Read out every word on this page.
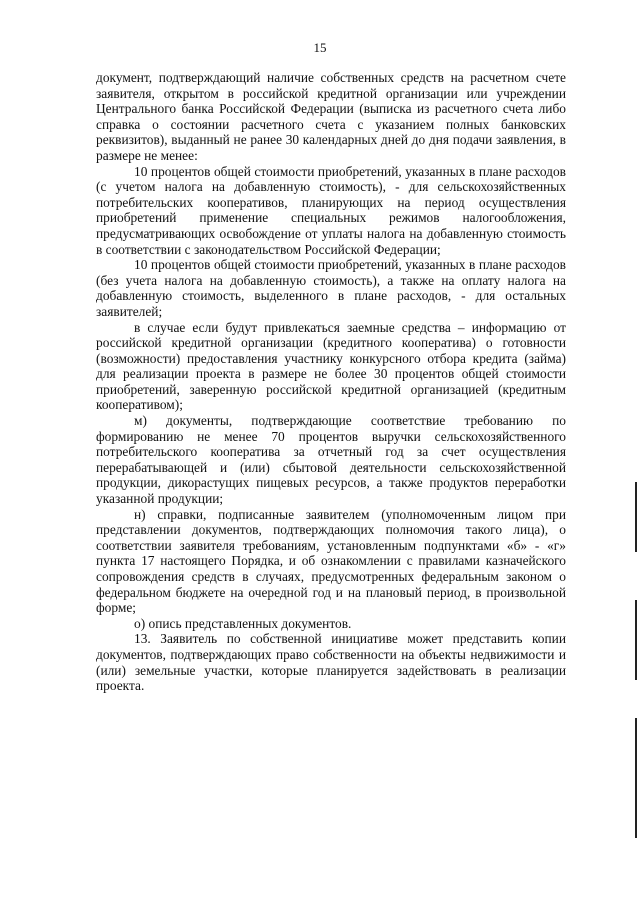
15

документ, подтверждающий наличие собственных средств на расчетном счете заявителя, открытом в российской кредитной организации или учреждении Центрального банка Российской Федерации (выписка из расчетного счета либо справка о состоянии расчетного счета с указанием полных банковских реквизитов), выданный не ранее 30 календарных дней до дня подачи заявления, в размере не менее:

10 процентов общей стоимости приобретений, указанных в плане расходов (с учетом налога на добавленную стоимость), - для сельскохозяйственных потребительских кооперативов, планирующих на период осуществления приобретений применение специальных режимов налогообложения, предусматривающих освобождение от уплаты налога на добавленную стоимость в соответствии с законодательством Российской Федерации;

10 процентов общей стоимости приобретений, указанных в плане расходов (без учета налога на добавленную стоимость), а также на оплату налога на добавленную стоимость, выделенного в плане расходов, - для остальных заявителей;

в случае если будут привлекаться заемные средства – информацию от российской кредитной организации (кредитного кооператива) о готовности (возможности) предоставления участнику конкурсного отбора кредита (займа) для реализации проекта в размере не более 30 процентов общей стоимости приобретений, заверенную российской кредитной организацией (кредитным кооперативом);

м) документы, подтверждающие соответствие требованию по формированию не менее 70 процентов выручки сельскохозяйственного потребительского кооператива за отчетный год за счет осуществления перерабатывающей и (или) сбытовой деятельности сельскохозяйственной продукции, дикорастущих пищевых ресурсов, а также продуктов переработки указанной продукции;

н) справки, подписанные заявителем (уполномоченным лицом при представлении документов, подтверждающих полномочия такого лица), о соответствии заявителя требованиям, установленным подпунктами «б» - «г» пункта 17 настоящего Порядка, и об ознакомлении с правилами казначейского сопровождения средств в случаях, предусмотренных федеральным законом о федеральном бюджете на очередной год и на плановый период, в произвольной форме;

о) опись представленных документов.

13. Заявитель по собственной инициативе может представить копии документов, подтверждающих право собственности на объекты недвижимости и (или) земельные участки, которые планируется задействовать в реализации проекта.
